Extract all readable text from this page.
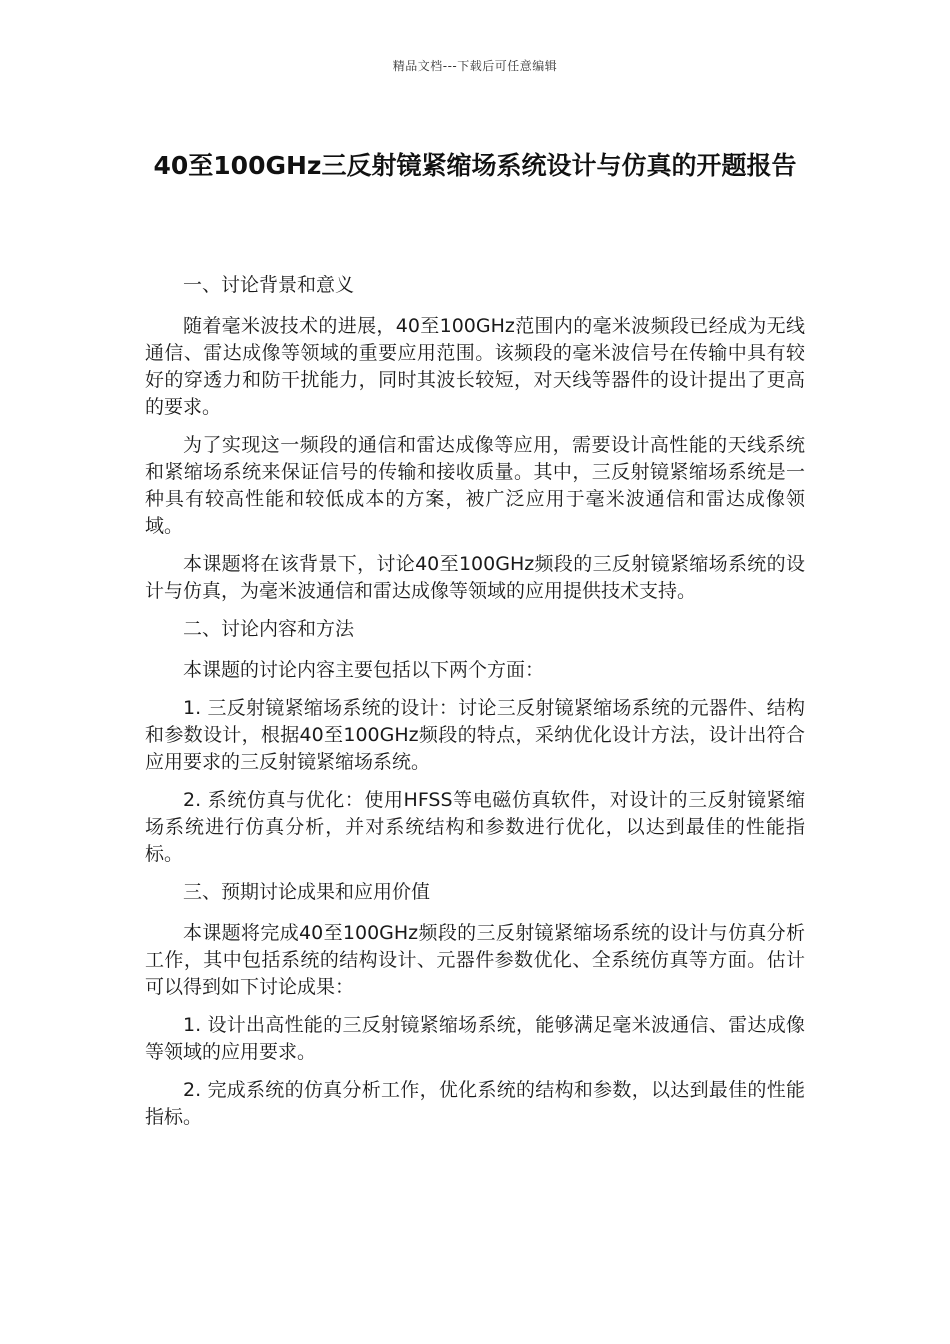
精品文档---下载后可任意编辑
40至100GHz三反射镜紧缩场系统设计与仿真的开题报告

一、讨论背景和意义

随着毫米波技术的进展，40至100GHz范围内的毫米波频段已经成为无线通信、雷达成像等领域的重要应用范围。该频段的毫米波信号在传输中具有较好的穿透力和防干扰能力，同时其波长较短，对天线等器件的设计提出了更高的要求。

为了实现这一频段的通信和雷达成像等应用，需要设计高性能的天线系统和紧缩场系统来保证信号的传输和接收质量。其中，三反射镜紧缩场系统是一种具有较高性能和较低成本的方案，被广泛应用于毫米波通信和雷达成像领域。

本课题将在该背景下，讨论40至100GHz频段的三反射镜紧缩场系统的设计与仿真，为毫米波通信和雷达成像等领域的应用提供技术支持。

二、讨论内容和方法

本课题的讨论内容主要包括以下两个方面：

1. 三反射镜紧缩场系统的设计：讨论三反射镜紧缩场系统的元器件、结构和参数设计，根据40至100GHz频段的特点，采纳优化设计方法，设计出符合应用要求的三反射镜紧缩场系统。

2. 系统仿真与优化：使用HFSS等电磁仿真软件，对设计的三反射镜紧缩场系统进行仿真分析，并对系统结构和参数进行优化，以达到最佳的性能指标。

三、预期讨论成果和应用价值

本课题将完成40至100GHz频段的三反射镜紧缩场系统的设计与仿真分析工作，其中包括系统的结构设计、元器件参数优化、全系统仿真等方面。估计可以得到如下讨论成果：

1. 设计出高性能的三反射镜紧缩场系统，能够满足毫米波通信、雷达成像等领域的应用要求。

2. 完成系统的仿真分析工作，优化系统的结构和参数，以达到最佳的性能指标。
